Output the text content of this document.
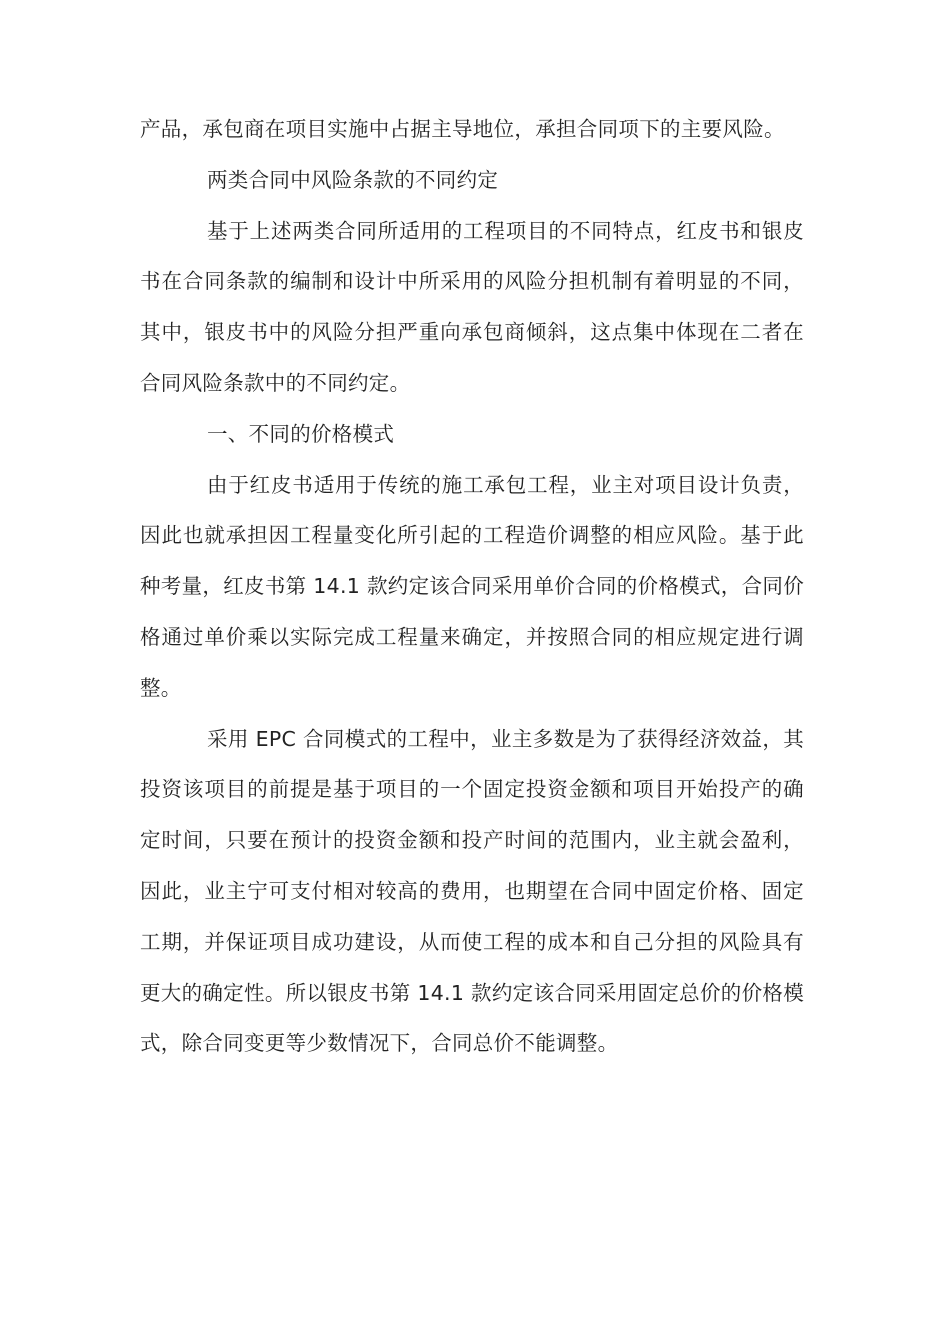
产品，承包商在项目实施中占据主导地位，承担合同项下的主要风险。

两类合同中风险条款的不同约定

基于上述两类合同所适用的工程项目的不同特点，红皮书和银皮书在合同条款的编制和设计中所采用的风险分担机制有着明显的不同，其中，银皮书中的风险分担严重向承包商倾斜，这点集中体现在二者在合同风险条款中的不同约定。

一、不同的价格模式

由于红皮书适用于传统的施工承包工程，业主对项目设计负责，因此也就承担因工程量变化所引起的工程造价调整的相应风险。基于此种考量，红皮书第 14.1 款约定该合同采用单价合同的价格模式，合同价格通过单价乘以实际完成工程量来确定，并按照合同的相应规定进行调整。

采用 EPC 合同模式的工程中，业主多数是为了获得经济效益，其投资该项目的前提是基于项目的一个固定投资金额和项目开始投产的确定时间，只要在预计的投资金额和投产时间的范围内，业主就会盈利，因此，业主宁可支付相对较高的费用，也期望在合同中固定价格、固定工期，并保证项目成功建设，从而使工程的成本和自己分担的风险具有更大的确定性。所以银皮书第 14.1 款约定该合同采用固定总价的价格模式，除合同变更等少数情况下，合同总价不能调整。
